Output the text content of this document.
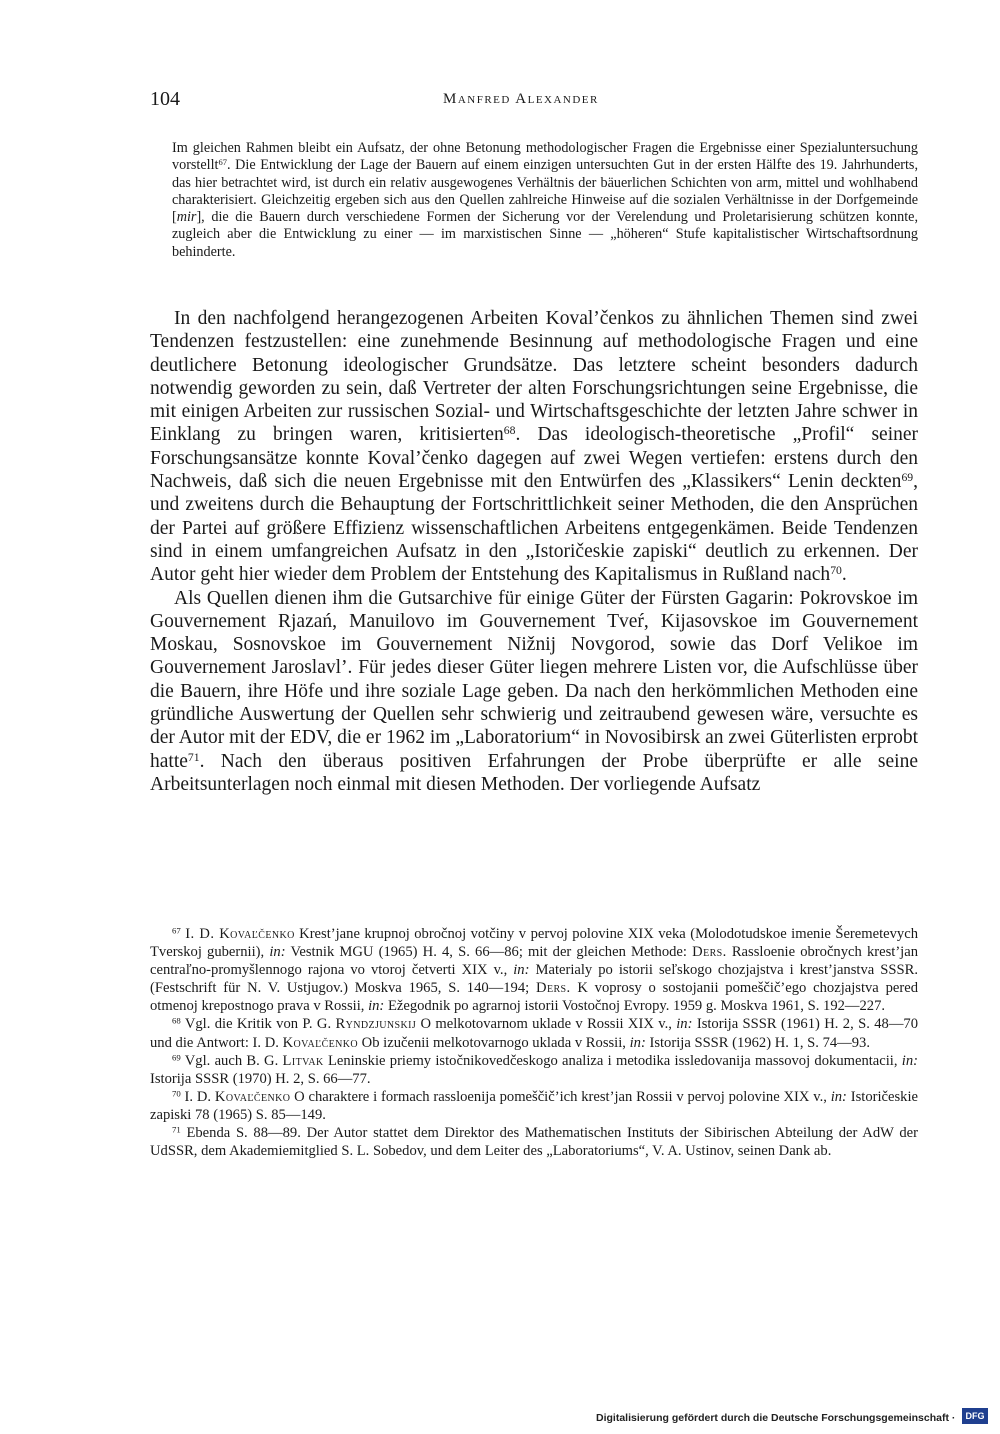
104	Manfred Alexander
Im gleichen Rahmen bleibt ein Aufsatz, der ohne Betonung methodologischer Fragen die Ergebnisse einer Spezialuntersuchung vorstellt$^{67}$. Die Entwicklung der Lage der Bauern auf einem einzigen untersuchten Gut in der ersten Hälfte des 19. Jahrhunderts, das hier betrachtet wird, ist durch ein relativ ausgewogenes Verhältnis der bäuerlichen Schichten von arm, mittel und wohlhabend charakterisiert. Gleichzeitig ergeben sich aus den Quellen zahlreiche Hinweise auf die sozialen Verhältnisse in der Dorfgemeinde [mir], die die Bauern durch verschiedene Formen der Sicherung vor der Verelendung und Proletarisierung schützen konnte, zugleich aber die Entwicklung zu einer — im marxistischen Sinne — „höheren“ Stufe kapitalistischer Wirtschaftsordnung behinderte.

In den nachfolgend herangezogenen Arbeiten Koval’čenkos zu ähnlichen Themen sind zwei Tendenzen festzustellen: eine zunehmende Besinnung auf methodologische Fragen und eine deutlichere Betonung ideologischer Grundsätze. Das letztere scheint besonders dadurch notwendig geworden zu sein, daß Vertreter der alten Forschungsrichtungen seine Ergebnisse, die mit einigen Arbeiten zur russischen Sozial- und Wirtschaftsgeschichte der letzten Jahre schwer in Einklang zu bringen waren, kritisierten$^{68}$. Das ideologisch-theoretische „Profil“ seiner Forschungsansätze konnte Koval’čenko dagegen auf zwei Wegen vertiefen: erstens durch den Nachweis, daß sich die neuen Ergebnisse mit den Entwürfen des „Klassikers“ Lenin deckten$^{69}$, und zweitens durch die Behauptung der Fortschrittlichkeit seiner Methoden, die den Ansprüchen der Partei auf größere Effizienz wissenschaftlichen Arbeitens entgegenkämen. Beide Tendenzen sind in einem umfangreichen Aufsatz in den „Istoričeskie zapiski“ deutlich zu erkennen. Der Autor geht hier wieder dem Problem der Entstehung des Kapitalismus in Rußland nach$^{70}$.

Als Quellen dienen ihm die Gutsarchive für einige Güter der Fürsten Gagarin: Pokrovskoe im Gouvernement Rjazań, Manuilovo im Gouvernement Tveŕ, Kijasovskoe im Gouvernement Moskau, Sosnovskoe im Gouvernement Nižnij Novgorod, sowie das Dorf Velikoe im Gouvernement Jaroslavl’. Für jedes dieser Güter liegen mehrere Listen vor, die Aufschlüsse über die Bauern, ihre Höfe und ihre soziale Lage geben. Da nach den herkömmlichen Methoden eine gründliche Auswertung der Quellen sehr schwierig und zeitraubend gewesen wäre, versuchte es der Autor mit der EDV, die er 1962 im „Laboratorium“ in Novosibirsk an zwei Güterlisten erprobt hatte$^{71}$. Nach den überaus positiven Erfahrungen der Probe überprüfte er alle seine Arbeitsunterlagen noch einmal mit diesen Methoden. Der vorliegende Aufsatz

$^{67}$ I. D. Kovaľčenko Krest’jane krupnoj obročnoj votčiny v pervoj polovine XIX veka (Molodotudskoe imenie Šeremetevych Tverskoj gubernii), in: Vestnik MGU (1965) H. 4, S. 66—86; mit der gleichen Methode: Ders. Rassloenie obročnych krest’jan centraľno-promyšlennogo rajona vo vtoroj četverti XIX v., in: Materialy po istorii seľskogo chozjajstva i krest’janstva SSSR. (Festschrift für N. V. Ustjugov.) Moskva 1965, S. 140—194; Ders. K voprosy o sostojanii pomeščič’ego chozjajstva pered otmenoj krepostnogo prava v Rossii, in: Ežegodnik po agrarnoj istorii Vostočnoj Evropy. 1959 g. Moskva 1961, S. 192—227.

$^{68}$ Vgl. die Kritik von P. G. Ryndzjunskij O melkotovarnom uklade v Rossii XIX v., in: Istorija SSSR (1961) H. 2, S. 48—70 und die Antwort: I. D. Kovaľčenko Ob izučenii melkotovarnogo uklada v Rossii, in: Istorija SSSR (1962) H. 1, S. 74—93.

$^{69}$ Vgl. auch B. G. Litvak Leninskie priemy istočnikovedčeskogo analiza i metodika issledovanija massovoj dokumentacii, in: Istorija SSSR (1970) H. 2, S. 66—77.

$^{70}$ I. D. Kovaľčenko O charaktere i formach rassloenija pomeščič’ich krest’jan Rossii v pervoj polovine XIX v., in: Istoričeskie zapiski 78 (1965) S. 85—149.

$^{71}$ Ebenda S. 88—89. Der Autor stattet dem Direktor des Mathematischen Instituts der Sibirischen Abteilung der AdW der UdSSR, dem Akademiemitglied S. L. Sobedov, und dem Leiter des „Laboratoriums“, V. A. Ustinov, seinen Dank ab.

Digitalisierung gefördert durch die Deutsche Forschungsgemeinschaft ·	DFG
